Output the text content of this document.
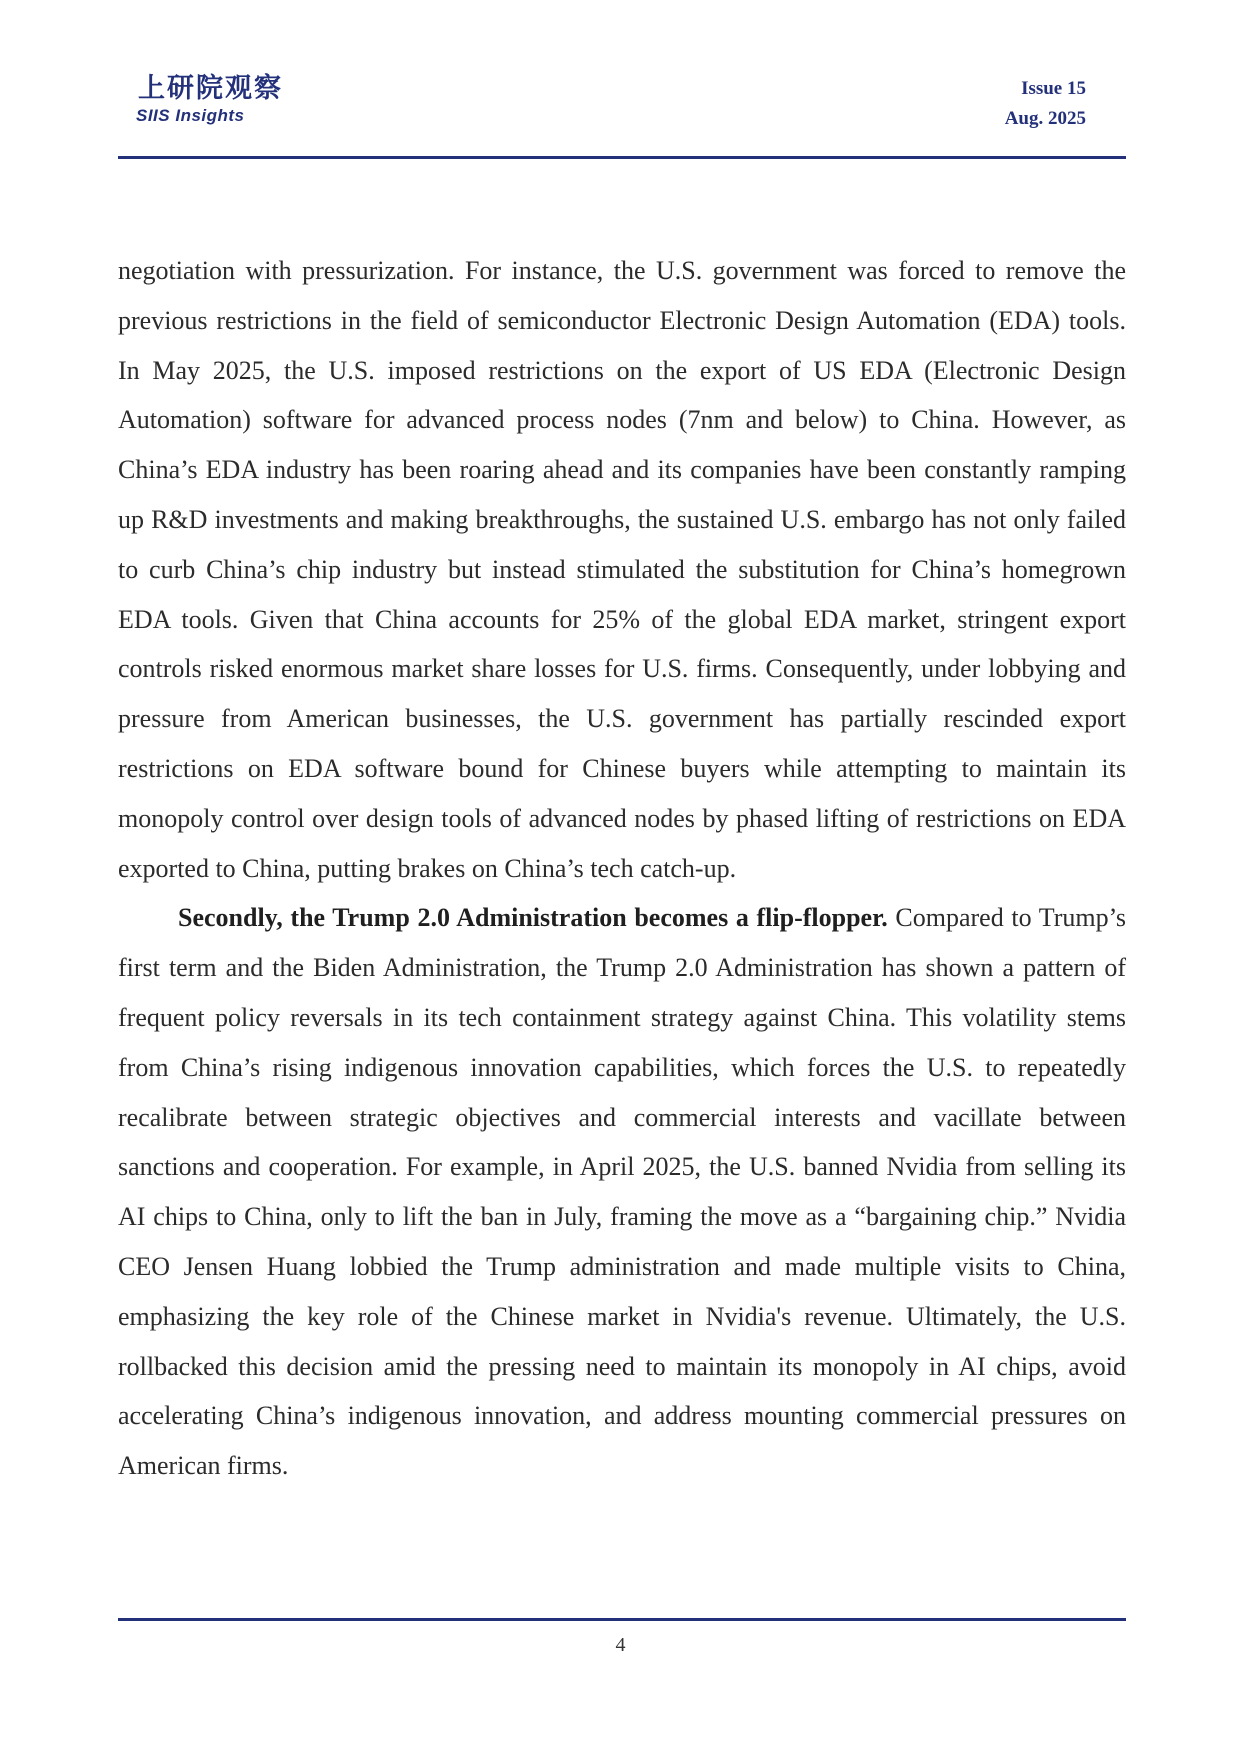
上研院观察
SIIS Insights
Issue 15
Aug. 2025

negotiation with pressurization. For instance, the U.S. government was forced to remove the previous restrictions in the field of semiconductor Electronic Design Automation (EDA) tools. In May 2025, the U.S. imposed restrictions on the export of US EDA (Electronic Design Automation) software for advanced process nodes (7nm and below) to China. However, as China’s EDA industry has been roaring ahead and its companies have been constantly ramping up R&D investments and making breakthroughs, the sustained U.S. embargo has not only failed to curb China’s chip industry but instead stimulated the substitution for China’s homegrown EDA tools. Given that China accounts for 25% of the global EDA market, stringent export controls risked enormous market share losses for U.S. firms. Consequently, under lobbying and pressure from American businesses, the U.S. government has partially rescinded export restrictions on EDA software bound for Chinese buyers while attempting to maintain its monopoly control over design tools of advanced nodes by phased lifting of restrictions on EDA exported to China, putting brakes on China’s tech catch-up.

Secondly, the Trump 2.0 Administration becomes a flip-flopper. Compared to Trump’s first term and the Biden Administration, the Trump 2.0 Administration has shown a pattern of frequent policy reversals in its tech containment strategy against China. This volatility stems from China’s rising indigenous innovation capabilities, which forces the U.S. to repeatedly recalibrate between strategic objectives and commercial interests and vacillate between sanctions and cooperation. For example, in April 2025, the U.S. banned Nvidia from selling its AI chips to China, only to lift the ban in July, framing the move as a “bargaining chip.” Nvidia CEO Jensen Huang lobbied the Trump administration and made multiple visits to China, emphasizing the key role of the Chinese market in Nvidia's revenue. Ultimately, the U.S. rollbacked this decision amid the pressing need to maintain its monopoly in AI chips, avoid accelerating China’s indigenous innovation, and address mounting commercial pressures on American firms.

4
